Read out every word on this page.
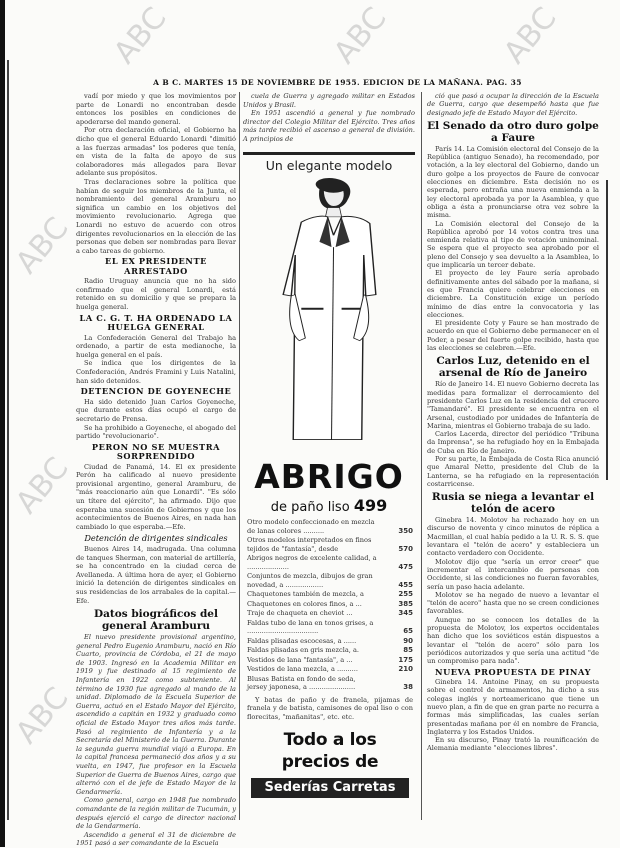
A B C. MARTES 15 DE NOVIEMBRE DE 1955. EDICION DE LA MAÑANA. PAG. 35

vadí por miedo y que los movimientos por parte de Lonardi no encontraban desde entonces los posibles en condiciones de apoderarse del mando general.

Por otra declaración oficial, el Gobierno ha dicho que el general Eduardo Lonardi "dimitió a las fuerzas armadas" los poderes que tenía, en vista de la falta de apoyo de sus colaboradores más allegados para llevar adelante sus propósitos.

Tras declaraciones sobre la política que habían de seguir los miembros de la Junta, el nombramiento del general Aramburu no significa un cambio en los objetivos del movimiento revolucionario. Agrega que Lonardi no estuvo de acuerdo con otros dirigentes revolucionarios en la elección de las personas que deben ser nombradas para llevar a cabo tareas de gobierno.

EL EX PRESIDENTE ARRESTADO

Radio Uruguay anuncia que no ha sido confirmado que el general Lonardi, está retenido en su domicilio y que se prepara la huelga general.

LA C. G. T. HA ORDENADO LA HUELGA GENERAL

La Confederación General del Trabajo ha ordenado, a partir de esta medianoche, la huelga general en el país.

Se indica que los dirigentes de la Confederación, Andrés Framini y Luis Natalini, han sido detenidos.

DETENCION DE GOYENECHE

Ha sido detenido Juan Carlos Goyeneche, que durante estos días ocupó el cargo de secretario de Prensa.

Se ha prohibido a Goyeneche, el abogado del partido "revolucionario".

PERON NO SE MUESTRA SORPRENDIDO

Ciudad de Panamá, 14. El ex presidente Perón ha calificado al nuevo presidente provisional argentino, general Aramburu, de "más reaccionario aún que Lonardi". "Es sólo un títere del ejército", ha afirmado. Dijo que esperaba una sucesión de Gobiernos y que los acontecimientos de Buenos Aires, en nada han cambiado lo que esperaba.—Efe.

Detención de dirigentes sindicales

Buenos Aires 14, madrugada. Una columna de tanques Sherman, con material de artillería, se ha concentrado en la ciudad cerca de Avellaneda. A última hora de ayer, el Gobierno inició la detención de dirigentes sindicales en sus residencias de los arrabales de la capital.—Efe.

Datos biográficos del general Aramburu

El nuevo presidente provisional argentino, general Pedro Eugenio Aramburu, nació en Río Cuarto, provincia de Córdoba, el 21 de mayo de 1903. Ingresó en la Academia Militar en 1919 y fue destinado al 15 regimiento de Infantería en 1922 como subteniente. Al término de 1930 fue agregado al mando de la unidad. Diplomado de la Escuela Superior de Guerra, actuó en el Estado Mayor del Ejército, ascendido a capitán en 1932 y graduado como oficial de Estado Mayor tres años más tarde. Pasó al regimiento de Infantería y a la Secretaría del Ministerio de la Guerra. Durante la segunda guerra mundial viajó a Europa. En la capital francesa permaneció dos años y a su vuelta, en 1947, fue profesor en la Escuela Superior de Guerra de Buenos Aires, cargo que alternó con el de jefe de Estado Mayor de la Gendarmería.

Como general, cargo en 1948 fue nombrado comandante de la región militar de Tucumán, y después ejerció el cargo de director nacional de la Gendarmería.

Ascendido a general el 31 de diciembre de 1951 pasó a ser comandante de la Escuela

cuela de Guerra y agregado militar en Estados Unidos y Brasil.

En 1951 ascendió a general y fue nombrado director del Colegio Militar del Ejército. Tres años más tarde recibió el ascenso a general de división. A principios de

ció que pasó a ocupar la dirección de la Escuela de Guerra, cargo que desempeñó hasta que fue designado jefe de Estado Mayor del Ejército.

El Senado da otro duro golpe a Faure

París 14. La Comisión electoral del Consejo de la República (antiguo Senado), ha recomendado, por votación, a la ley electoral del Gobierno, dando un duro golpe a los proyectos de Faure de convocar elecciones en diciembre. Esta decisión no es esperada, pero entraña una nueva enmienda a la ley electoral aprobada ya por la Asamblea, y que obliga a ésta a pronunciarse otra vez sobre la misma.

La Comisión electoral del Consejo de la República aprobó por 14 votos contra tres una enmienda relativa al tipo de votación uninominal. Se espera que el proyecto sea aprobado por el pleno del Consejo y sea devuelto a la Asamblea, lo que implicaría un tercer debate.

El proyecto de ley Faure sería aprobado definitivamente antes del sábado por la mañana, si es que Francia quiere celebrar elecciones en diciembre. La Constitución exige un período mínimo de días entre la convocatoria y las elecciones.

El presidente Coty y Faure se han mostrado de acuerdo en que el Gobierno debe permanecer en el Poder, a pesar del fuerte golpe recibido, hasta que las elecciones se celebren.—Efe.

Carlos Luz, detenido en el arsenal de Río de Janeiro

Río de Janeiro 14. El nuevo Gobierno decreta las medidas para formalizar el derrocamiento del presidente Carlos Luz en la residencia del crucero "Tamandaré". El presidente se encuentra en el Arsenal, custodiado por unidades de Infantería de Marina, mientras el Gobierno trabaja de su lado.

Carlos Lacerda, director del periódico "Tribuna da Imprensa", se ha refugiado hoy en la Embajada de Cuba en Río de Janeiro.

Por su parte, la Embajada de Costa Rica anunció que Amaral Netto, presidente del Club de la Lanterna, se ha refugiado en la representación costarricense.

Rusia se niega a levantar el telón de acero

Ginebra 14. Molotov ha rechazado hoy en un discurso de noventa y cinco minutos de réplica a Macmillan, el cual había pedido a la U. R. S. S. que levantara el "telón de acero" y estableciera un contacto verdadero con Occidente.

Molotov dijo que "sería un error creer" que incrementar el intercambio de personas con Occidente, si las condiciones no fueran favorables, sería un paso hacia adelante.

Molotov se ha negado de nuevo a levantar el "telón de acero" hasta que no se creen condiciones favorables.

Aunque no se conocen los detalles de la propuesta de Molotov, los expertos occidentales han dicho que los soviéticos están dispuestos a levantar el "telón de acero" sólo para los periódicos autorizados y que sería una actitud "de un compromiso para nada".

NUEVA PROPUESTA DE PINAY

Ginebra 14. Antoine Pinay, en su propuesta sobre el control de armamentos, ha dicho a sus colegas inglés y norteamericano que tiene un nuevo plan, a fin de que en gran parte no recurra a formas más simplificadas, las cuales serían presentadas mañana por él en nombre de Francia, Inglaterra y los Estados Unidos.

En su discurso, Pinay trató la reunificación de Alemania mediante "elecciones libres".

Un elegante modelo
ABRIGO
de paño liso 499
Otro modelo confeccionado en mezcla de lanas colores ..........	350
Otros modelos interpretados en finos tejidos de "fantasía", desde	570
Abrigos negros de excelente calidad, a ....................	475
Conjuntos de mezcla, dibujos de gran novedad, a ..................	455
Chaquetones también de mezcla, a	255
Chaquetones en colores finos, a ...	385
Traje de chaqueta en cheviot ...	345
Faldas tubo de lana en tonos grises, a ..................................	65
Faldas plisadas escocesas, a ......	90
Faldas plisadas en gris mezcla, a.	85
Vestidos de lana "fantasía", a ...	175
Vestidos de lana mezcla, a ..........	210
Blusas Batista en fondo de seda, jersey japonesa, a ......................	38
Y batas de paño y de franela, pijamas de franela y de batista, camisones de opal liso o con florecitas, "mañanitas", etc. etc.
Todo a los precios de
Sederías Carretas
ABC	ABC	ABC
ABC
ABC
ABC
